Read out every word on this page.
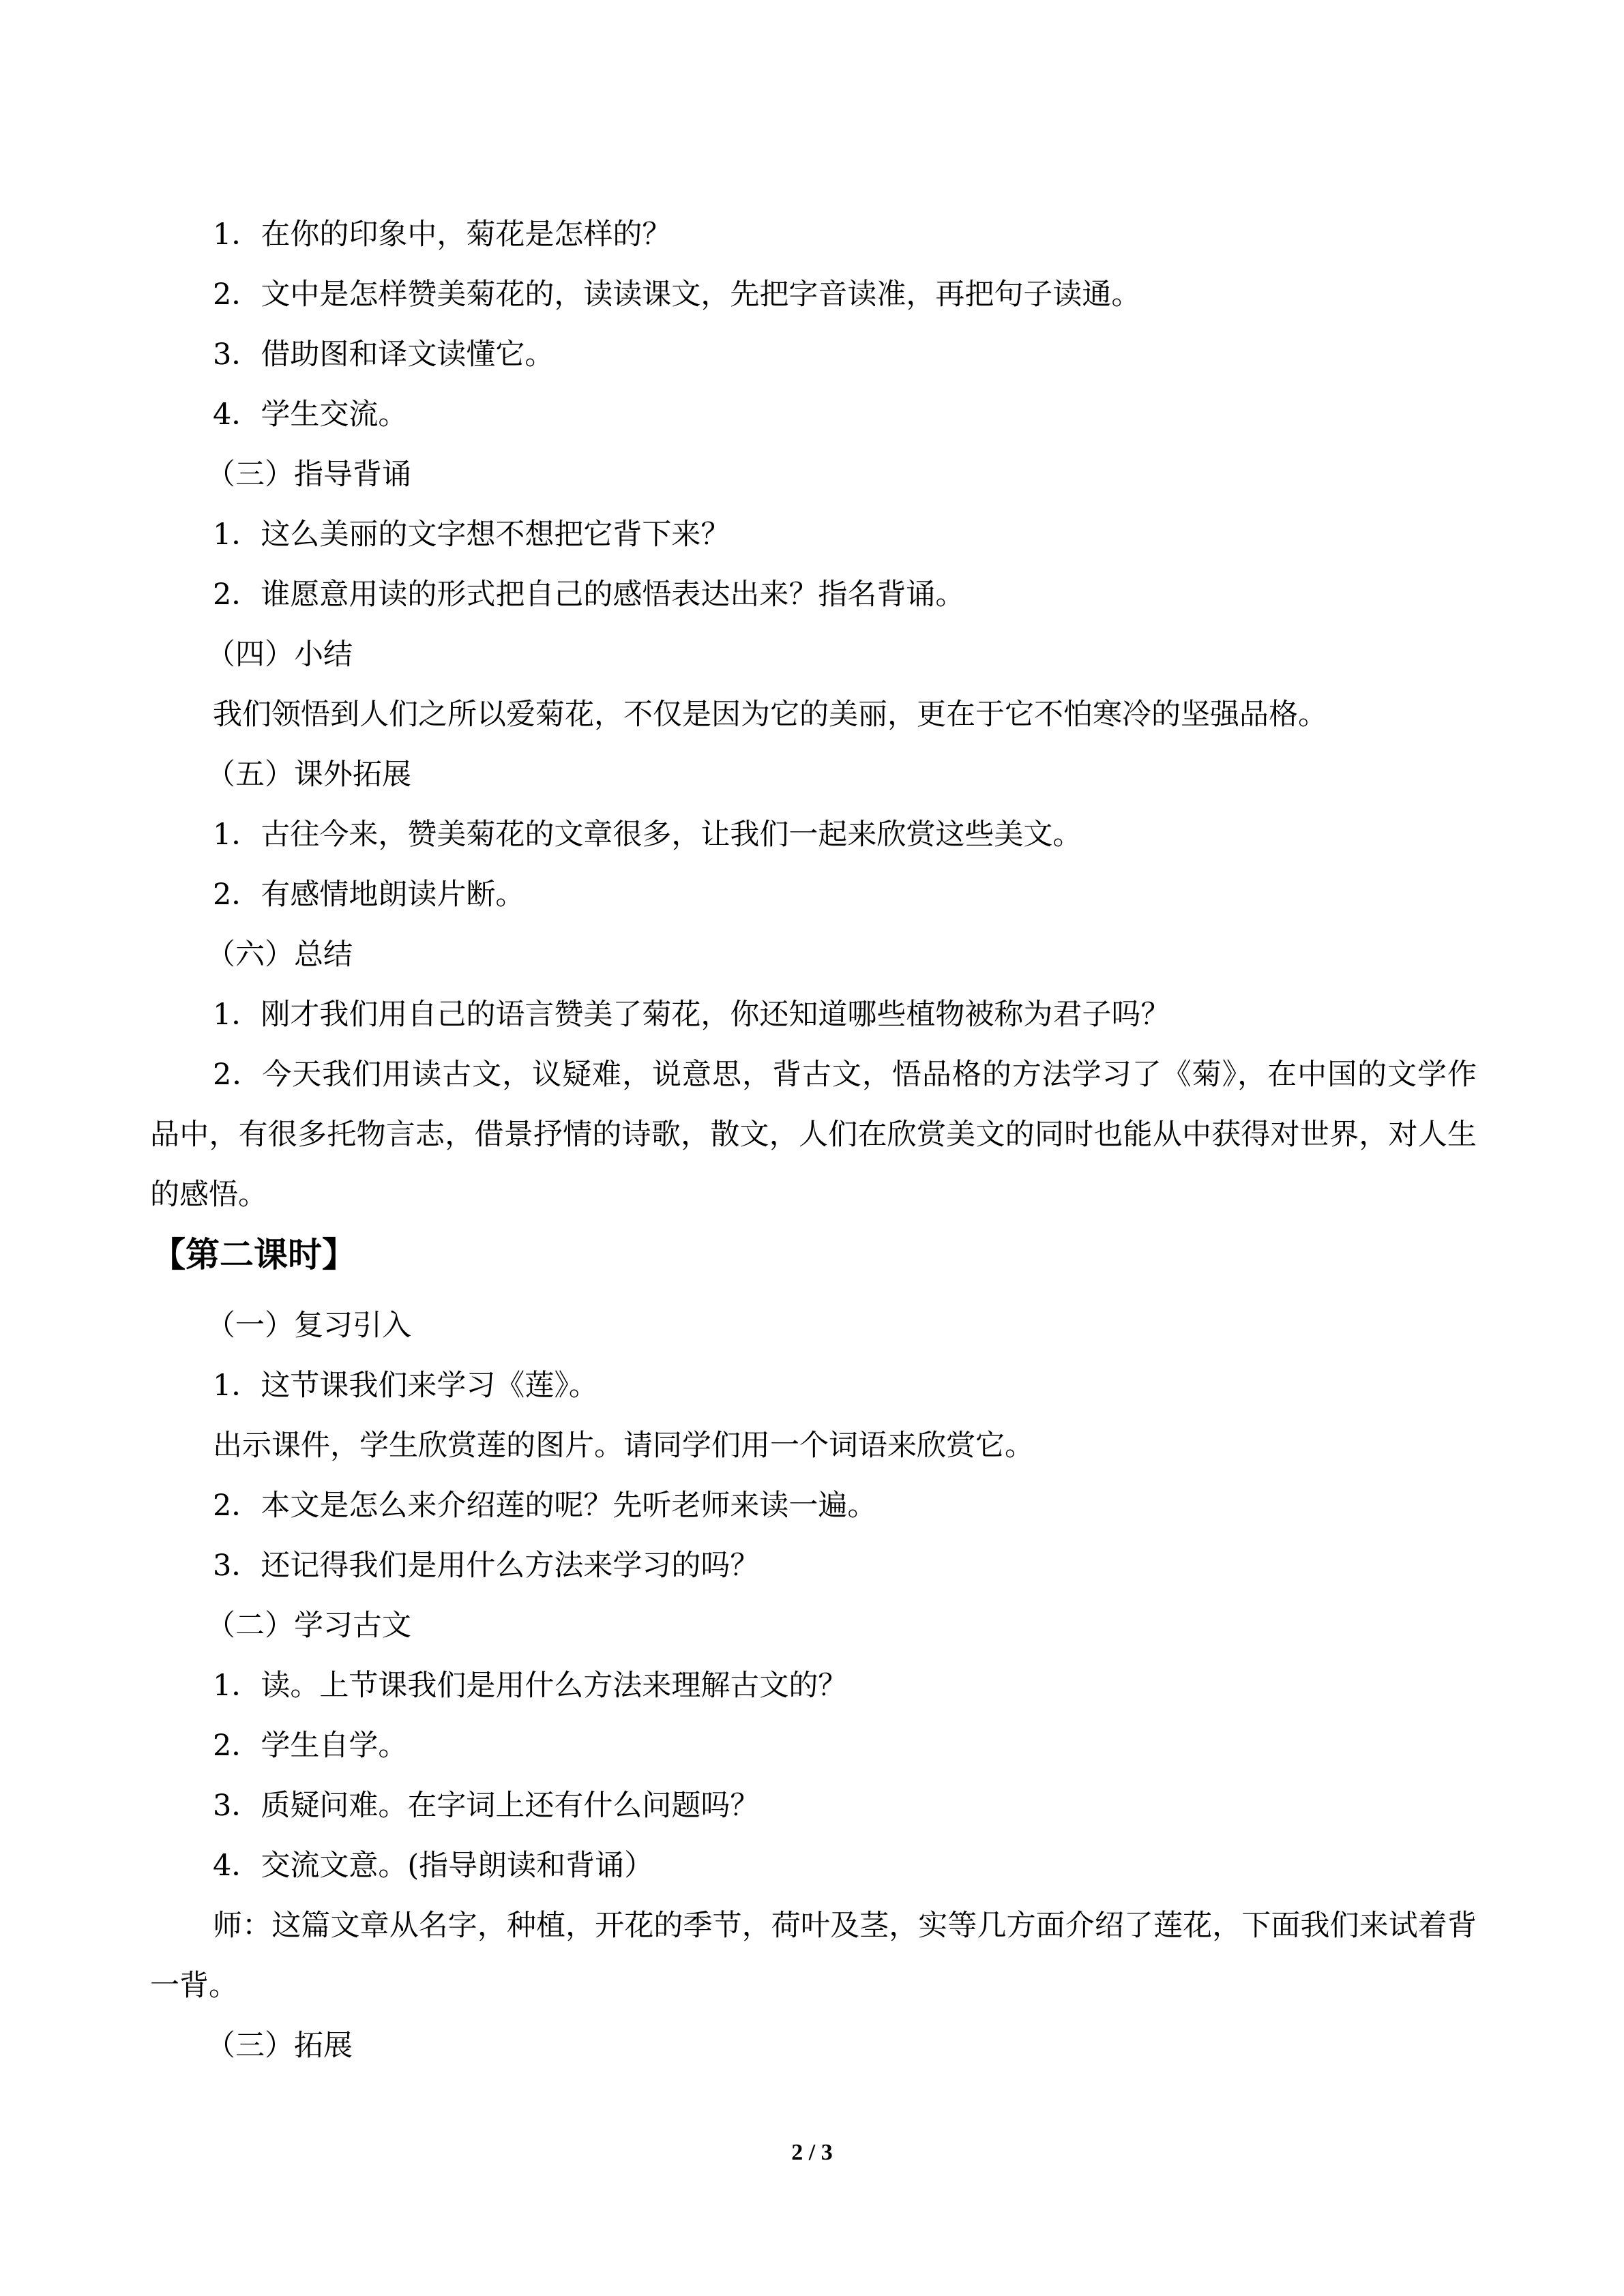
1．在你的印象中，菊花是怎样的？
2．文中是怎样赞美菊花的，读读课文，先把字音读准，再把句子读通。
3．借助图和译文读懂它。
4．学生交流。
（三）指导背诵
1．这么美丽的文字想不想把它背下来？
2．谁愿意用读的形式把自己的感悟表达出来？指名背诵。
（四）小结
我们领悟到人们之所以爱菊花，不仅是因为它的美丽，更在于它不怕寒冷的坚强品格。
（五）课外拓展
1．古往今来，赞美菊花的文章很多，让我们一起来欣赏这些美文。
2．有感情地朗读片断。
（六）总结
1．刚才我们用自己的语言赞美了菊花，你还知道哪些植物被称为君子吗？
2．今天我们用读古文，议疑难，说意思，背古文，悟品格的方法学习了《菊》，在中国的文学作品中，有很多托物言志，借景抒情的诗歌，散文，人们在欣赏美文的同时也能从中获得对世界，对人生的感悟。
【第二课时】
（一）复习引入
1．这节课我们来学习《莲》。
出示课件，学生欣赏莲的图片。请同学们用一个词语来欣赏它。
2．本文是怎么来介绍莲的呢？先听老师来读一遍。
3．还记得我们是用什么方法来学习的吗？
（二）学习古文
1．读。上节课我们是用什么方法来理解古文的？
2．学生自学。
3．质疑问难。在字词上还有什么问题吗？
4．交流文意。(指导朗读和背诵）
师：这篇文章从名字，种植，开花的季节，荷叶及茎，实等几方面介绍了莲花，下面我们来试着背一背。
（三）拓展
2 / 3
